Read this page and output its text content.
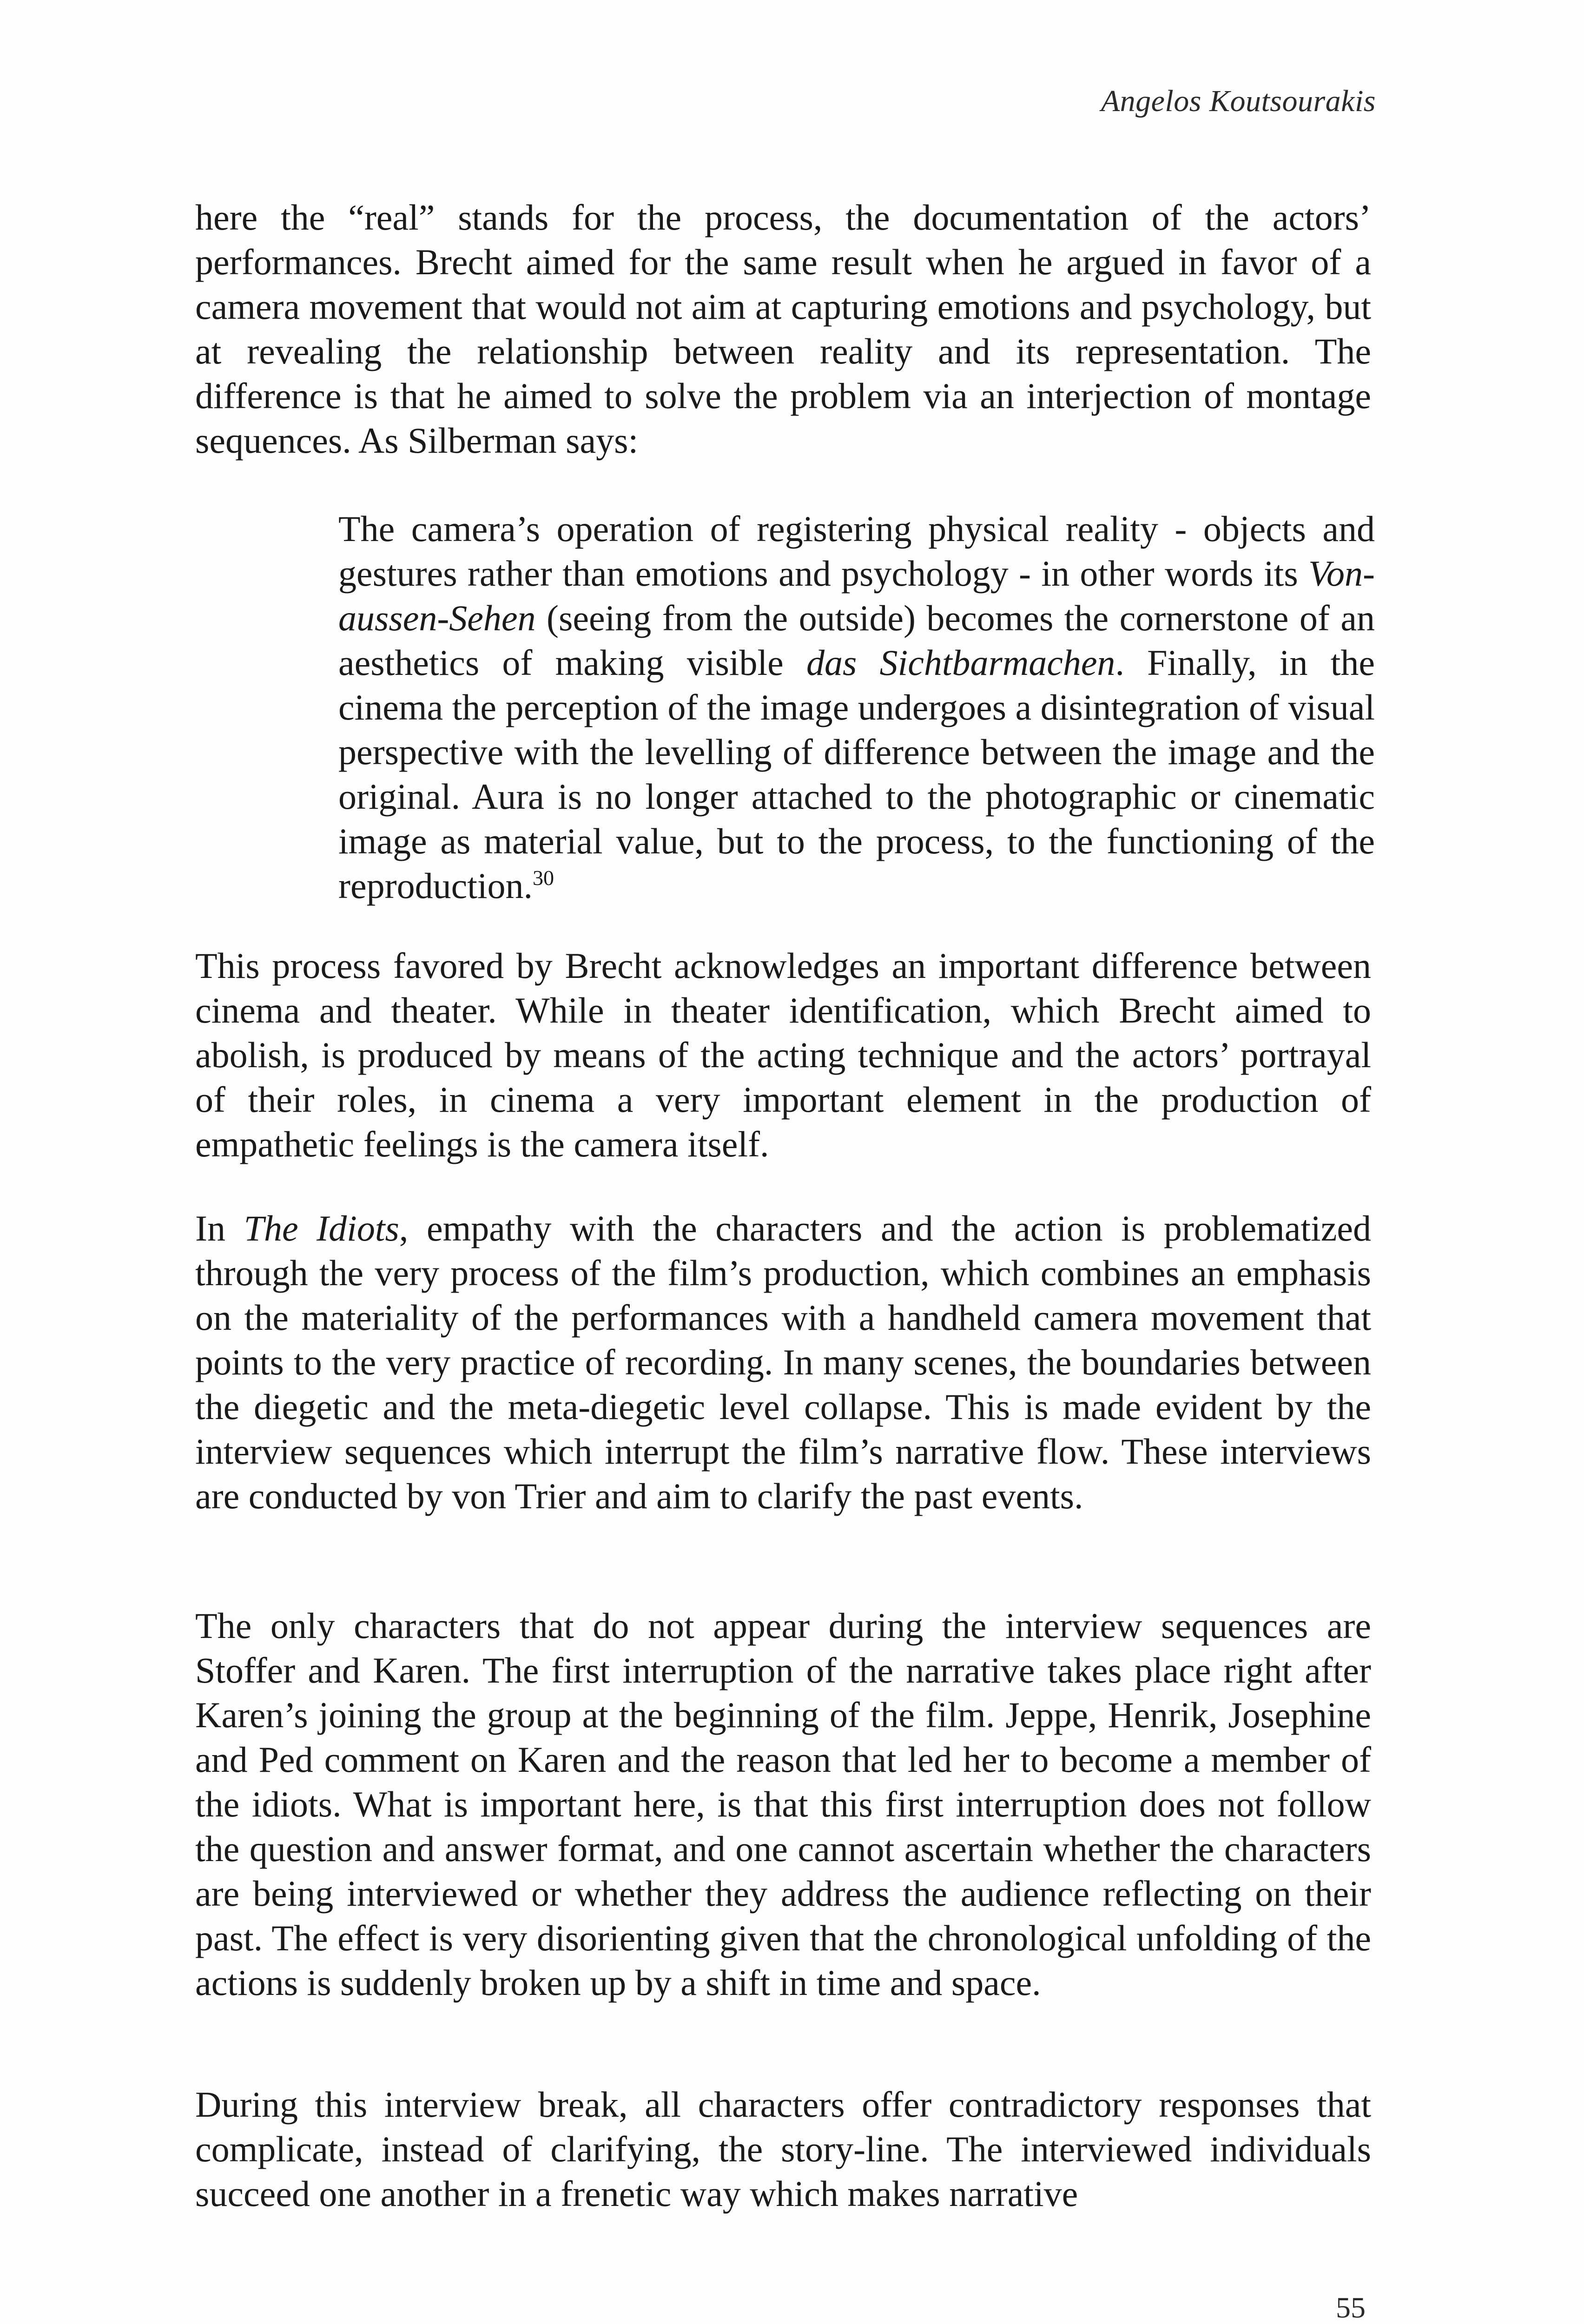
Angelos Koutsourakis

here the “real” stands for the process, the documentation of the actors’ performances. Brecht aimed for the same result when he argued in favor of a camera movement that would not aim at capturing emotions and psychology, but at revealing the relationship between reality and its representation. The difference is that he aimed to solve the problem via an interjection of montage sequences. As Silberman says:

The camera’s operation of registering physical reality - objects and gestures rather than emotions and psychology - in other words its Von-aussen-Sehen (seeing from the outside) becomes the cornerstone of an aesthetics of making visible das Sichtbarmachen. Finally, in the cinema the perception of the image undergoes a disintegration of visual perspective with the levelling of difference between the image and the original. Aura is no longer attached to the photographic or cinematic image as material value, but to the process, to the functioning of the reproduction.$^{30}$

This process favored by Brecht acknowledges an important difference between cinema and theater. While in theater identification, which Brecht aimed to abolish, is produced by means of the acting technique and the actors’ portrayal of their roles, in cinema a very important element in the production of empathetic feelings is the camera itself.

In The Idiots, empathy with the characters and the action is problematized through the very process of the film’s production, which combines an emphasis on the materiality of the performances with a handheld camera movement that points to the very practice of recording. In many scenes, the boundaries between the diegetic and the meta-diegetic level collapse. This is made evident by the interview sequences which interrupt the film’s narrative flow. These interviews are conducted by von Trier and aim to clarify the past events.

The only characters that do not appear during the interview sequences are Stoffer and Karen. The first interruption of the narrative takes place right after Karen’s joining the group at the beginning of the film. Jeppe, Henrik, Josephine and Ped comment on Karen and the reason that led her to become a member of the idiots. What is important here, is that this first interruption does not follow the question and answer format, and one cannot ascertain whether the characters are being interviewed or whether they address the audience reflecting on their past. The effect is very disorienting given that the chronological unfolding of the actions is suddenly broken up by a shift in time and space.

During this interview break, all characters offer contradictory responses that complicate, instead of clarifying, the story-line. The interviewed individuals succeed one another in a frenetic way which makes narrative

55
